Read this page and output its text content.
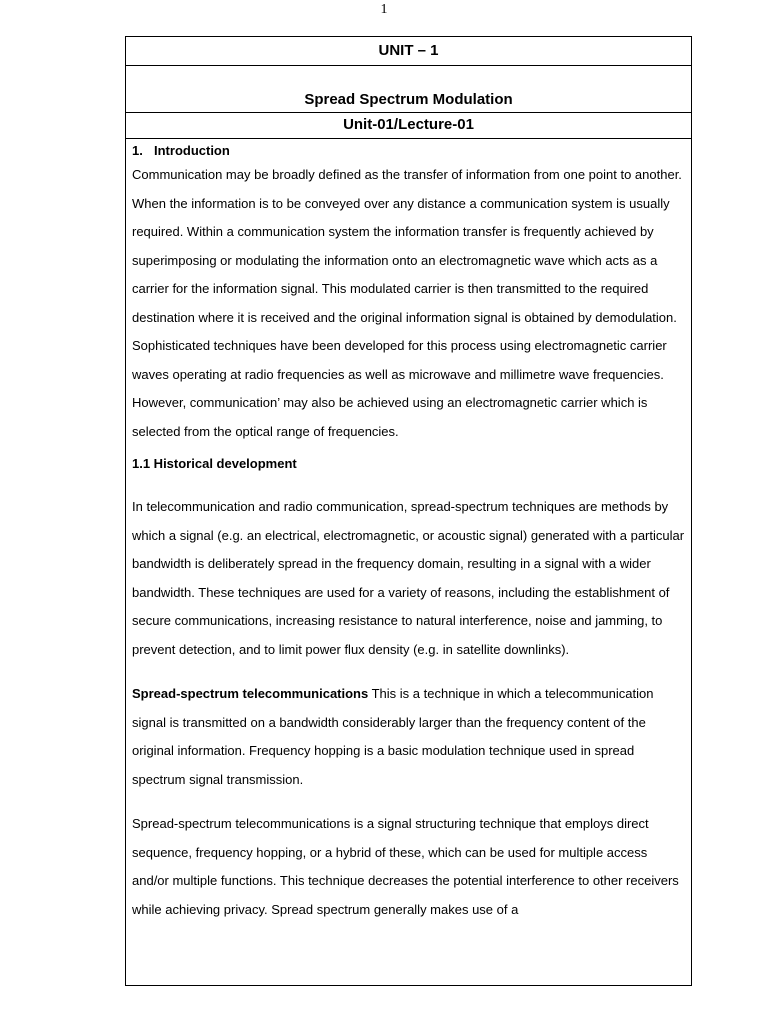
1
UNIT – 1
Spread Spectrum Modulation
Unit-01/Lecture-01

1. Introduction

Communication may be broadly defined as the transfer of information from one point to another. When the information is to be conveyed over any distance a communication system is usually required. Within a communication system the information transfer is frequently achieved by superimposing or modulating the information onto an electromagnetic wave which acts as a carrier for the information signal. This modulated carrier is then transmitted to the required destination where it is received and the original information signal is obtained by demodulation. Sophisticated techniques have been developed for this process using electromagnetic carrier waves operating at radio frequencies as well as microwave and millimetre wave frequencies. However, communication’ may also be achieved using an electromagnetic carrier which is selected from the optical range of frequencies.

1.1 Historical development

In telecommunication and radio communication, spread-spectrum techniques are methods by which a signal (e.g. an electrical, electromagnetic, or acoustic signal) generated with a particular bandwidth is deliberately spread in the frequency domain, resulting in a signal with a wider bandwidth. These techniques are used for a variety of reasons, including the establishment of secure communications, increasing resistance to natural interference, noise and jamming, to prevent detection, and to limit power flux density (e.g. in satellite downlinks).

Spread-spectrum telecommunications This is a technique in which a telecommunication signal is transmitted on a bandwidth considerably larger than the frequency content of the original information. Frequency hopping is a basic modulation technique used in spread spectrum signal transmission.

Spread-spectrum telecommunications is a signal structuring technique that employs direct sequence, frequency hopping, or a hybrid of these, which can be used for multiple access and/or multiple functions. This technique decreases the potential interference to other receivers while achieving privacy. Spread spectrum generally makes use of a
